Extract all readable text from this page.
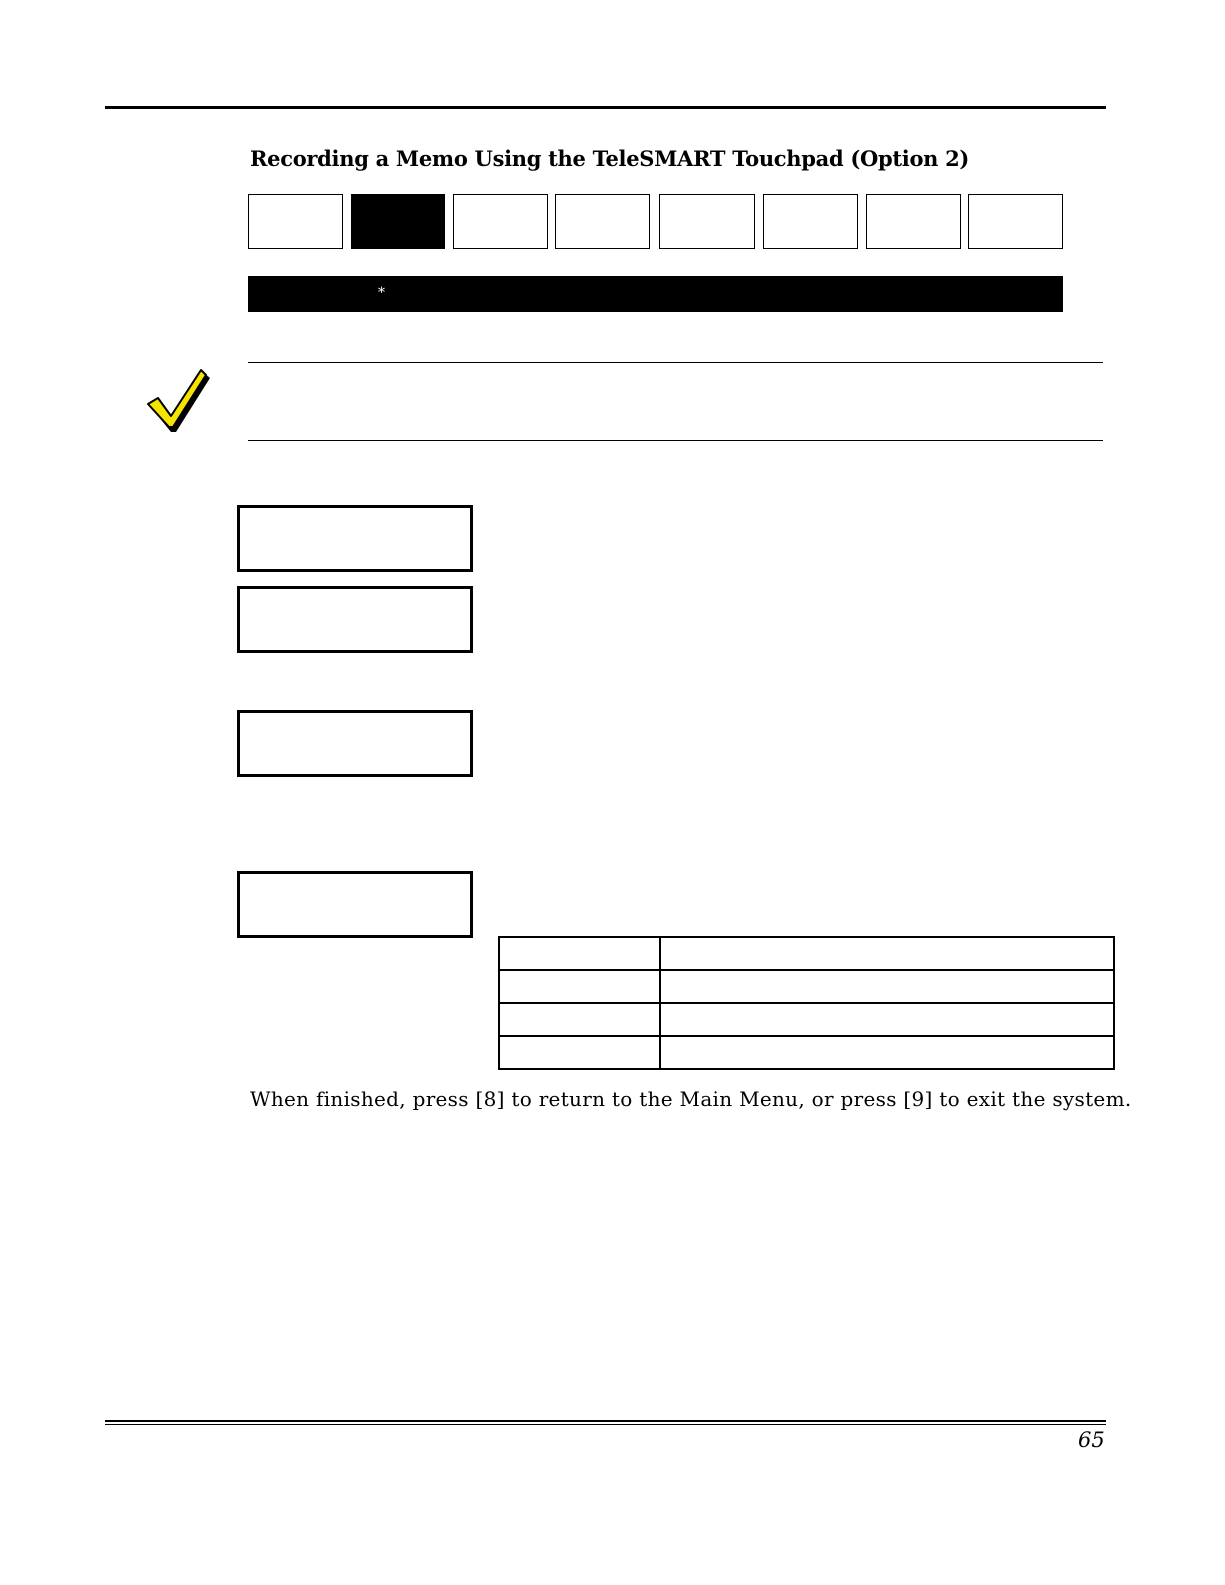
Recording a Memo Using the TeleSMART Touchpad (Option 2)
*

When finished, press [8] to return to the Main Menu, or press [9] to exit the system.
65
